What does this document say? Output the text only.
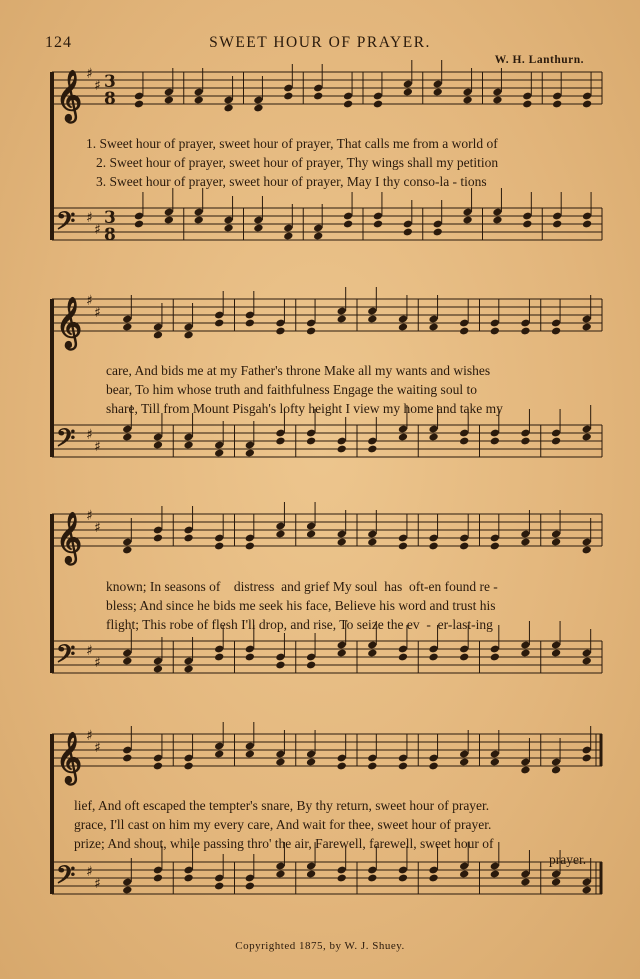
124	SWEET HOUR OF PRAYER.
W. H. Lanthurn.
1. Sweet hour of prayer, sweet hour of prayer, That calls me from a world of
2. Sweet hour of prayer, sweet hour of prayer, Thy wings shall my petition
3. Sweet hour of prayer, sweet hour of prayer, May I thy conso-la - tions
care, And bids me at my Father's throne Make all my wants and wishes
bear, To him whose truth and faithfulness Engage the waiting soul to
share, Till from Mount Pisgah's lofty height I view my home and take my
known; In seasons of    distress  and grief My soul  has  oft-en found re -
bless; And since he bids me seek his face, Believe his word and trust his
flight; This robe of flesh I'll drop, and rise, To seize the ev  -  er-last-ing
lief, And oft escaped the tempter's snare, By thy return, sweet hour of prayer.
grace, I'll cast on him my every care, And wait for thee, sweet hour of prayer.
prize; And shout, while passing thro' the air, Farewell, farewell, sweet hour of
prayer.
𝄞
𝄢
♯
♯
♯
♯
3
8
3
8
𝄞
𝄢
♯
♯
♯
♯
𝄞
𝄢
♯
♯
♯
♯
𝄞
𝄢
♯
♯
♯
♯
Copyrighted 1875, by W. J. Shuey.
